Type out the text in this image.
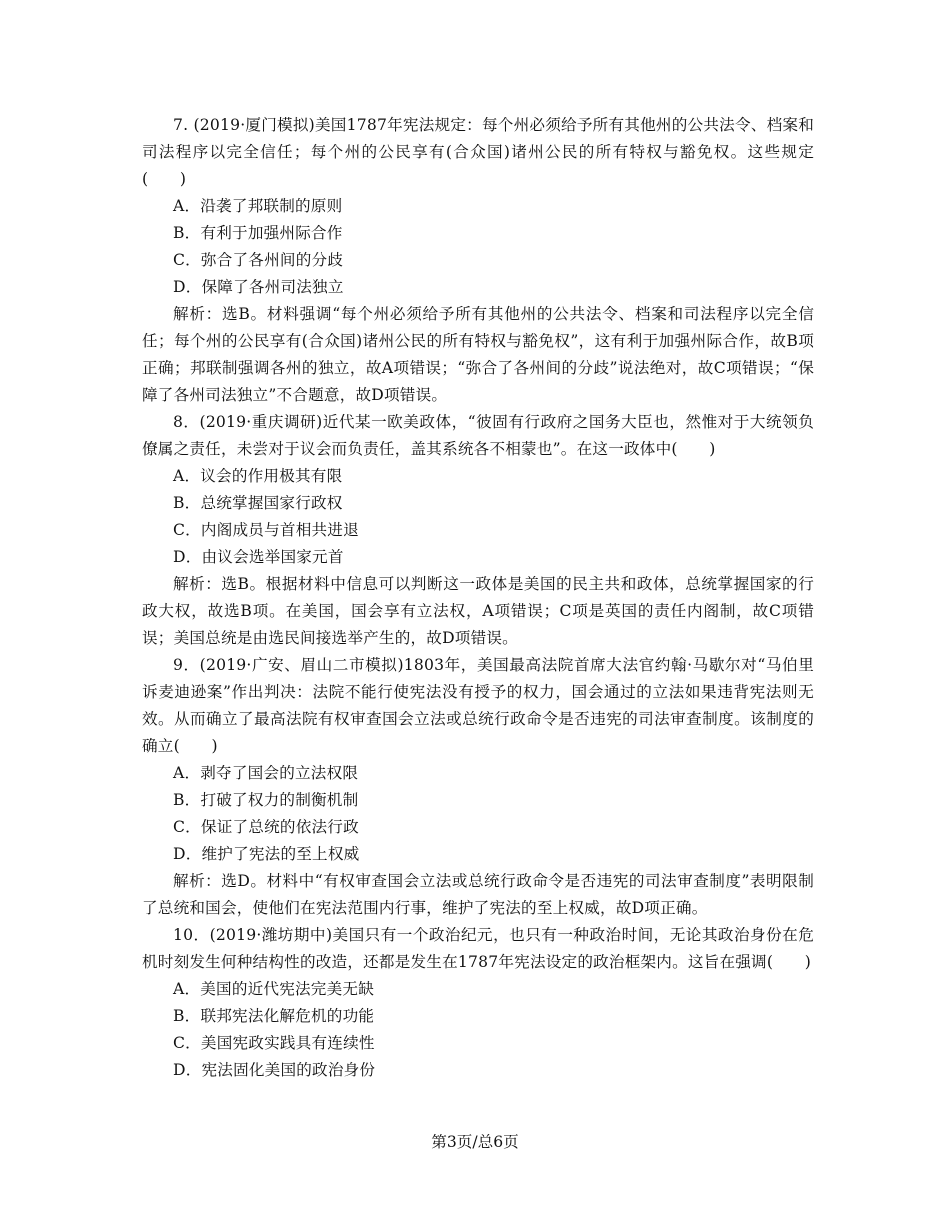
7. (2019·厦门模拟)美国1787年宪法规定：每个州必须给予所有其他州的公共法令、档案和司法程序以完全信任；每个州的公民享有(合众国)诸州公民的所有特权与豁免权。这些规定(　　)

A．沿袭了邦联制的原则

B．有利于加强州际合作

C．弥合了各州间的分歧

D．保障了各州司法独立

解析：选B。材料强调“每个州必须给予所有其他州的公共法令、档案和司法程序以完全信任；每个州的公民享有(合众国)诸州公民的所有特权与豁免权”，这有利于加强州际合作，故B项正确；邦联制强调各州的独立，故A项错误；“弥合了各州间的分歧”说法绝对，故C项错误；“保障了各州司法独立”不合题意，故D项错误。

8．(2019·重庆调研)近代某一欧美政体，“彼固有行政府之国务大臣也，然惟对于大统领负僚属之责任，未尝对于议会而负责任，盖其系统各不相蒙也”。在这一政体中(　　)

A．议会的作用极其有限

B．总统掌握国家行政权

C．内阁成员与首相共进退

D．由议会选举国家元首

解析：选B。根据材料中信息可以判断这一政体是美国的民主共和政体，总统掌握国家的行政大权，故选B项。在美国，国会享有立法权，A项错误；C项是英国的责任内阁制，故C项错误；美国总统是由选民间接选举产生的，故D项错误。

9．(2019·广安、眉山二市模拟)1803年，美国最高法院首席大法官约翰·马歇尔对“马伯里诉麦迪逊案”作出判决：法院不能行使宪法没有授予的权力，国会通过的立法如果违背宪法则无效。从而确立了最高法院有权审查国会立法或总统行政命令是否违宪的司法审查制度。该制度的确立(　　)

A．剥夺了国会的立法权限

B．打破了权力的制衡机制

C．保证了总统的依法行政

D．维护了宪法的至上权威

解析：选D。材料中“有权审查国会立法或总统行政命令是否违宪的司法审查制度”表明限制了总统和国会，使他们在宪法范围内行事，维护了宪法的至上权威，故D项正确。

10．(2019·潍坊期中)美国只有一个政治纪元，也只有一种政治时间，无论其政治身份在危机时刻发生何种结构性的改造，还都是发生在1787年宪法设定的政治框架内。这旨在强调(　　)

A．美国的近代宪法完美无缺

B．联邦宪法化解危机的功能

C．美国宪政实践具有连续性

D．宪法固化美国的政治身份

第3页/总6页
